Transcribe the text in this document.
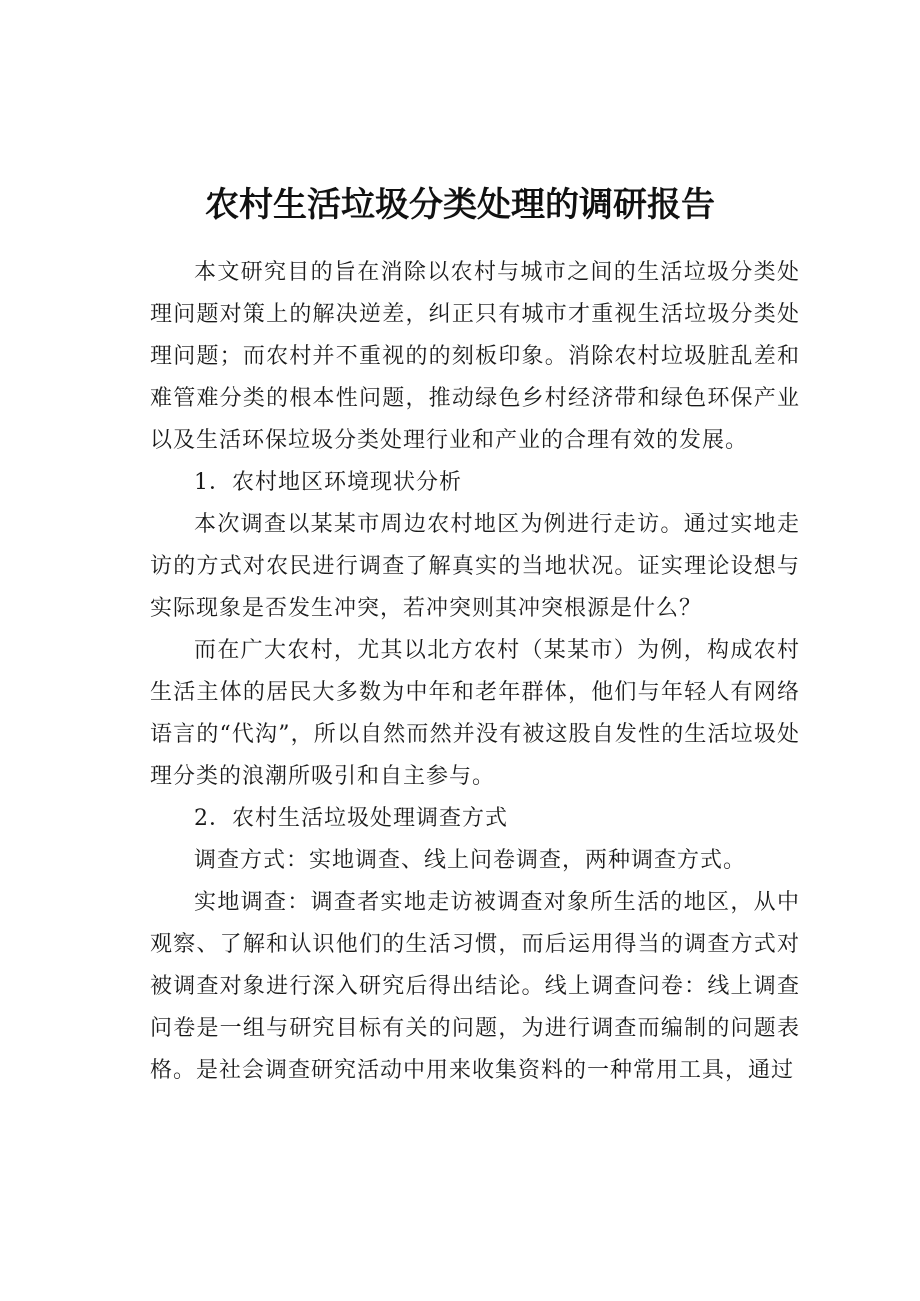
农村生活垃圾分类处理的调研报告

本文研究目的旨在消除以农村与城市之间的生活垃圾分类处理问题对策上的解决逆差，纠正只有城市才重视生活垃圾分类处理问题；而农村并不重视的的刻板印象。消除农村垃圾脏乱差和难管难分类的根本性问题，推动绿色乡村经济带和绿色环保产业以及生活环保垃圾分类处理行业和产业的合理有效的发展。

1．农村地区环境现状分析

本次调查以某某市周边农村地区为例进行走访。通过实地走访的方式对农民进行调查了解真实的当地状况。证实理论设想与实际现象是否发生冲突，若冲突则其冲突根源是什么？

而在广大农村，尤其以北方农村（某某市）为例，构成农村生活主体的居民大多数为中年和老年群体，他们与年轻人有网络语言的“代沟”，所以自然而然并没有被这股自发性的生活垃圾处理分类的浪潮所吸引和自主参与。

2．农村生活垃圾处理调查方式

调查方式：实地调查、线上问卷调查，两种调查方式。

实地调查：调查者实地走访被调查对象所生活的地区，从中观察、了解和认识他们的生活习惯，而后运用得当的调查方式对被调查对象进行深入研究后得出结论。线上调查问卷：线上调查问卷是一组与研究目标有关的问题，为进行调查而编制的问题表格。是社会调查研究活动中用来收集资料的一种常用工具，通过
